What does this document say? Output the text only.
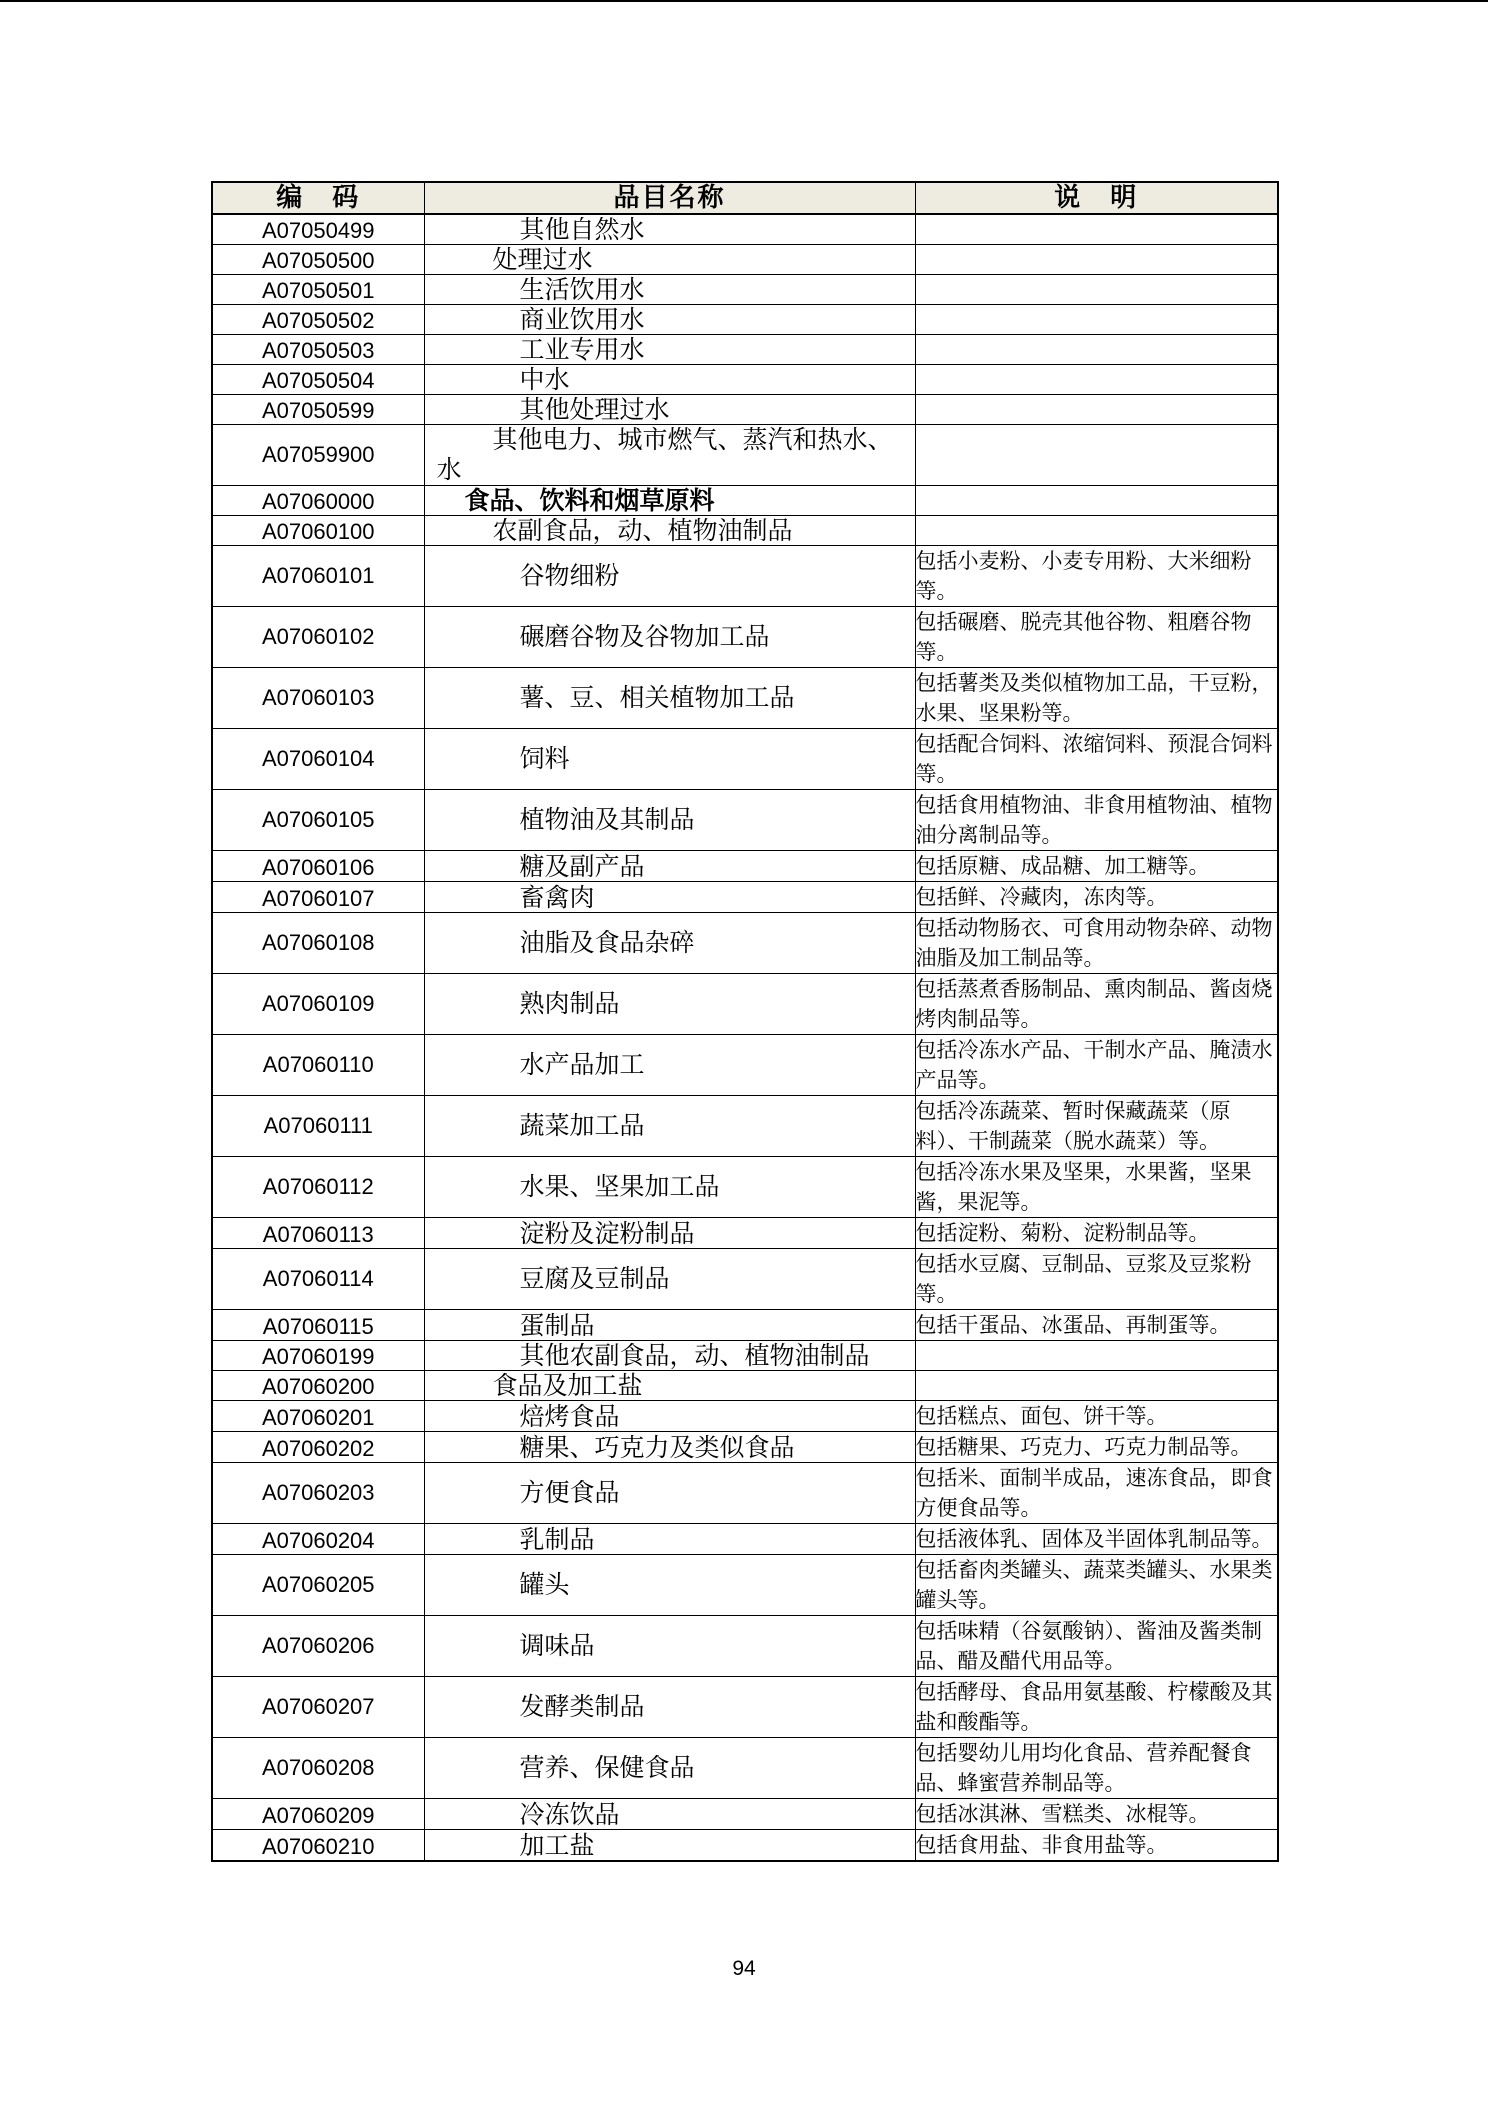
编　码	品目名称	说　明
A07050499	其他自然水	
A07050500	处理过水	
A07050501	生活饮用水	
A07050502	商业饮用水	
A07050503	工业专用水	
A07050504	中水	
A07050599	其他处理过水	
A07059900	其他电力、城市燃气、蒸汽和热水、水	
A07060000	食品、饮料和烟草原料	
A07060100	农副食品，动、植物油制品	
A07060101	谷物细粉	包括小麦粉、小麦专用粉、大米细粉等。
A07060102	碾磨谷物及谷物加工品	包括碾磨、脱壳其他谷物、粗磨谷物等。
A07060103	薯、豆、相关植物加工品	包括薯类及类似植物加工品，干豆粉，水果、坚果粉等。
A07060104	饲料	包括配合饲料、浓缩饲料、预混合饲料等。
A07060105	植物油及其制品	包括食用植物油、非食用植物油、植物油分离制品等。
A07060106	糖及副产品	包括原糖、成品糖、加工糖等。
A07060107	畜禽肉	包括鲜、冷藏肉，冻肉等。
A07060108	油脂及食品杂碎	包括动物肠衣、可食用动物杂碎、动物油脂及加工制品等。
A07060109	熟肉制品	包括蒸煮香肠制品、熏肉制品、酱卤烧烤肉制品等。
A07060110	水产品加工	包括冷冻水产品、干制水产品、腌渍水产品等。
A07060111	蔬菜加工品	包括冷冻蔬菜、暂时保藏蔬菜（原料）、干制蔬菜（脱水蔬菜）等。
A07060112	水果、坚果加工品	包括冷冻水果及坚果，水果酱，坚果酱，果泥等。
A07060113	淀粉及淀粉制品	包括淀粉、菊粉、淀粉制品等。
A07060114	豆腐及豆制品	包括水豆腐、豆制品、豆浆及豆浆粉等。
A07060115	蛋制品	包括干蛋品、冰蛋品、再制蛋等。
A07060199	其他农副食品，动、植物油制品	
A07060200	食品及加工盐	
A07060201	焙烤食品	包括糕点、面包、饼干等。
A07060202	糖果、巧克力及类似食品	包括糖果、巧克力、巧克力制品等。
A07060203	方便食品	包括米、面制半成品，速冻食品，即食方便食品等。
A07060204	乳制品	包括液体乳、固体及半固体乳制品等。
A07060205	罐头	包括畜肉类罐头、蔬菜类罐头、水果类罐头等。
A07060206	调味品	包括味精（谷氨酸钠）、酱油及酱类制品、醋及醋代用品等。
A07060207	发酵类制品	包括酵母、食品用氨基酸、柠檬酸及其盐和酸酯等。
A07060208	营养、保健食品	包括婴幼儿用均化食品、营养配餐食品、蜂蜜营养制品等。
A07060209	冷冻饮品	包括冰淇淋、雪糕类、冰棍等。
A07060210	加工盐	包括食用盐、非食用盐等。
94
